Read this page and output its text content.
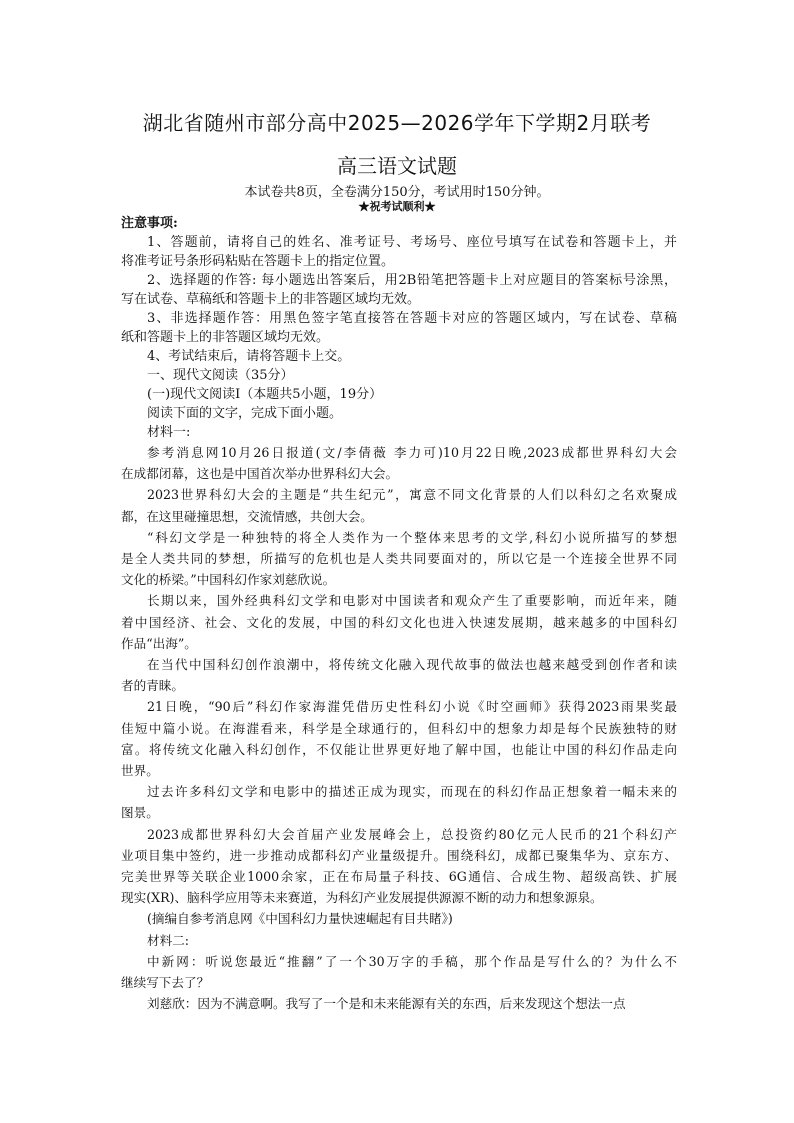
湖北省随州市部分高中2025—2026学年下学期2月联考
高三语文试题
本试卷共8页，全卷满分150分，考试用时150分钟。
★祝考试顺利★
注意事项:
1、答题前，请将自己的姓名、准考证号、考场号、座位号填写在试卷和答题卡上，并
将准考证号条形码粘贴在答题卡上的指定位置。
2、选择题的作答: 每小题选出答案后，用2B铅笔把答题卡上对应题目的答案标号涂黑，
写在试卷、草稿纸和答题卡上的非答题区域均无效。
3、非选择题作答：用黑色签字笔直接答在答题卡对应的答题区域内，写在试卷、草稿
纸和答题卡上的非答题区域均无效。
4、考试结束后，请将答题卡上交。
一、现代文阅读（35分）
(一)现代文阅读Ⅰ（本题共5小题，19分）
阅读下面的文字，完成下面小题。
材料一:
参考消息网10月26日报道(文/李倩薇 李力可)10月22日晚,2023成都世界科幻大会
在成都闭幕，这也是中国首次举办世界科幻大会。
2023世界科幻大会的主题是“共生纪元”，寓意不同文化背景的人们以科幻之名欢聚成
都，在这里碰撞思想，交流情感，共创大会。
“科幻文学是一种独特的将全人类作为一个整体来思考的文学,科幻小说所描写的梦想
是全人类共同的梦想，所描写的危机也是人类共同要面对的，所以它是一个连接全世界不同
文化的桥梁。”中国科幻作家刘慈欣说。
长期以来，国外经典科幻文学和电影对中国读者和观众产生了重要影响，而近年来，随
着中国经济、社会、文化的发展，中国的科幻文化也进入快速发展期，越来越多的中国科幻
作品“出海”。
在当代中国科幻创作浪潮中，将传统文化融入现代故事的做法也越来越受到创作者和读
者的青睐。
21日晚，“90后”科幻作家海漄凭借历史性科幻小说《时空画师》获得2023雨果奖最
佳短中篇小说。在海漄看来，科学是全球通行的，但科幻中的想象力却是每个民族独特的财
富。将传统文化融入科幻创作，不仅能让世界更好地了解中国，也能让中国的科幻作品走向
世界。
过去许多科幻文学和电影中的描述正成为现实，而现在的科幻作品正想象着一幅未来的
图景。
2023成都世界科幻大会首届产业发展峰会上，总投资约80亿元人民币的21个科幻产
业项目集中签约，进一步推动成都科幻产业量级提升。围绕科幻，成都已聚集华为、京东方、
完美世界等关联企业1000余家，正在布局量子科技、6G通信、合成生物、超级高铁、扩展
现实(XR)、脑科学应用等未来赛道，为科幻产业发展提供源源不断的动力和想象源泉。
(摘编自参考消息网《中国科幻力量快速崛起有目共睹》)
材料二:
中新网：听说您最近“推翻”了一个30万字的手稿，那个作品是写什么的？为什么不
继续写下去了？
刘慈欣：因为不满意啊。我写了一个是和未来能源有关的东西，后来发现这个想法一点
